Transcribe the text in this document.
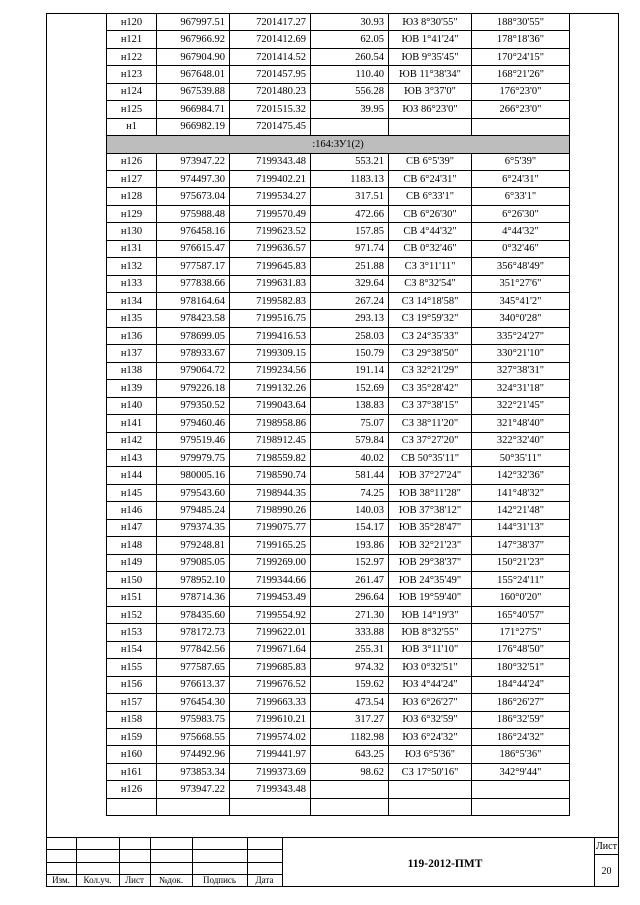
н120	967997.51	7201417.27	30.93	ЮЗ 8°30'55"	188°30'55"
н121	967966.92	7201412.69	62.05	ЮВ 1°41'24"	178°18'36"
н122	967904.90	7201414.52	260.54	ЮВ 9°35'45"	170°24'15"
н123	967648.01	7201457.95	110.40	ЮВ 11°38'34"	168°21'26"
н124	967539.88	7201480.23	556.28	ЮВ 3°37'0"	176°23'0"
н125	966984.71	7201515.32	39.95	ЮЗ 86°23'0"	266°23'0"
н1	966982.19	7201475.45			
:164:ЗУ1(2)					
н126	973947.22	7199343.48	553.21	СВ 6°5'39"	6°5'39"
н127	974497.30	7199402.21	1183.13	СВ 6°24'31"	6°24'31"
н128	975673.04	7199534.27	317.51	СВ 6°33'1"	6°33'1"
н129	975988.48	7199570.49	472.66	СВ 6°26'30"	6°26'30"
н130	976458.16	7199623.52	157.85	СВ 4°44'32"	4°44'32"
н131	976615.47	7199636.57	971.74	СВ 0°32'46"	0°32'46"
н132	977587.17	7199645.83	251.88	СЗ 3°11'11"	356°48'49"
н133	977838.66	7199631.83	329.64	СЗ 8°32'54"	351°27'6"
н134	978164.64	7199582.83	267.24	СЗ 14°18'58"	345°41'2"
н135	978423.58	7199516.75	293.13	СЗ 19°59'32"	340°0'28"
н136	978699.05	7199416.53	258.03	СЗ 24°35'33"	335°24'27"
н137	978933.67	7199309.15	150.79	СЗ 29°38'50"	330°21'10"
н138	979064.72	7199234.56	191.14	СЗ 32°21'29"	327°38'31"
н139	979226.18	7199132.26	152.69	СЗ 35°28'42"	324°31'18"
н140	979350.52	7199043.64	138.83	СЗ 37°38'15"	322°21'45"
н141	979460.46	7198958.86	75.07	СЗ 38°11'20"	321°48'40"
н142	979519.46	7198912.45	579.84	СЗ 37°27'20"	322°32'40"
н143	979979.75	7198559.82	40.02	СВ 50°35'11"	50°35'11"
н144	980005.16	7198590.74	581.44	ЮВ 37°27'24"	142°32'36"
н145	979543.60	7198944.35	74.25	ЮВ 38°11'28"	141°48'32"
н146	979485.24	7198990.26	140.03	ЮВ 37°38'12"	142°21'48"
н147	979374.35	7199075.77	154.17	ЮВ 35°28'47"	144°31'13"
н148	979248.81	7199165.25	193.86	ЮВ 32°21'23"	147°38'37"
н149	979085.05	7199269.00	152.97	ЮВ 29°38'37"	150°21'23"
н150	978952.10	7199344.66	261.47	ЮВ 24°35'49"	155°24'11"
н151	978714.36	7199453.49	296.64	ЮВ 19°59'40"	160°0'20"
н152	978435.60	7199554.92	271.30	ЮВ 14°19'3"	165°40'57"
н153	978172.73	7199622.01	333.88	ЮВ 8°32'55"	171°27'5"
н154	977842.56	7199671.64	255.31	ЮВ 3°11'10"	176°48'50"
н155	977587.65	7199685.83	974.32	ЮЗ 0°32'51"	180°32'51"
н156	976613.37	7199676.52	159.62	ЮЗ 4°44'24"	184°44'24"
н157	976454.30	7199663.33	473.54	ЮЗ 6°26'27"	186°26'27"
н158	975983.75	7199610.21	317.27	ЮЗ 6°32'59"	186°32'59"
н159	975668.55	7199574.02	1182.98	ЮЗ 6°24'32"	186°24'32"
н160	974492.96	7199441.97	643.25	ЮЗ 6°5'36"	186°5'36"
н161	973853.34	7199373.69	98.62	СЗ 17°50'16"	342°9'44"
н126	973947.22	7199343.48			

.
Изм.	Кол.уч.	Лист	№док.	Подпись	Дата
119-2012-ПМТ
Лист
20
